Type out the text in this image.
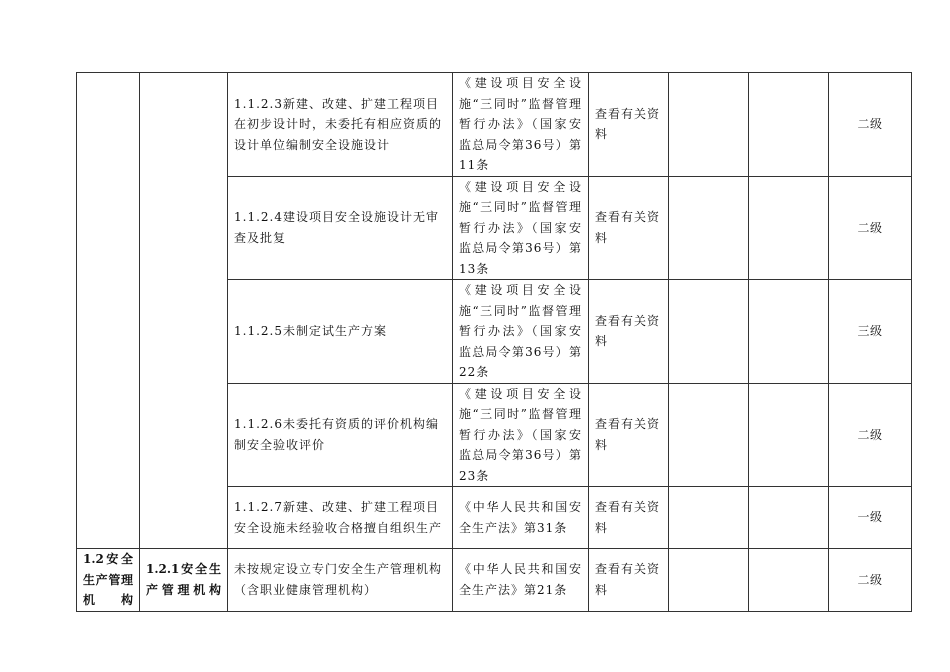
		1.1.2.3新建、改建、扩建工程项目在初步设计时，未委托有相应资质的设计单位编制安全设施设计	《建设项目安全设施“三同时”监督管理暂行办法》（国家安监总局令第36号）第11条	查看有关资料			二级
		1.1.2.4建设项目安全设施设计无审查及批复	《建设项目安全设施“三同时”监督管理暂行办法》（国家安监总局令第36号）第13条	查看有关资料			二级
		1.1.2.5未制定试生产方案	《建设项目安全设施“三同时”监督管理暂行办法》（国家安监总局令第36号）第22条	查看有关资料			三级
		1.1.2.6未委托有资质的评价机构编制安全验收评价	《建设项目安全设施“三同时”监督管理暂行办法》（国家安监总局令第36号）第23条	查看有关资料			二级
		1.1.2.7新建、改建、扩建工程项目安全设施未经验收合格擅自组织生产	《中华人民共和国安全生产法》第31条	查看有关资料			一级
1.2安全生产管理机构	1.2.1安全生产管理机构	未按规定设立专门安全生产管理机构（含职业健康管理机构）	《中华人民共和国安全生产法》第21条	查看有关资料			二级
